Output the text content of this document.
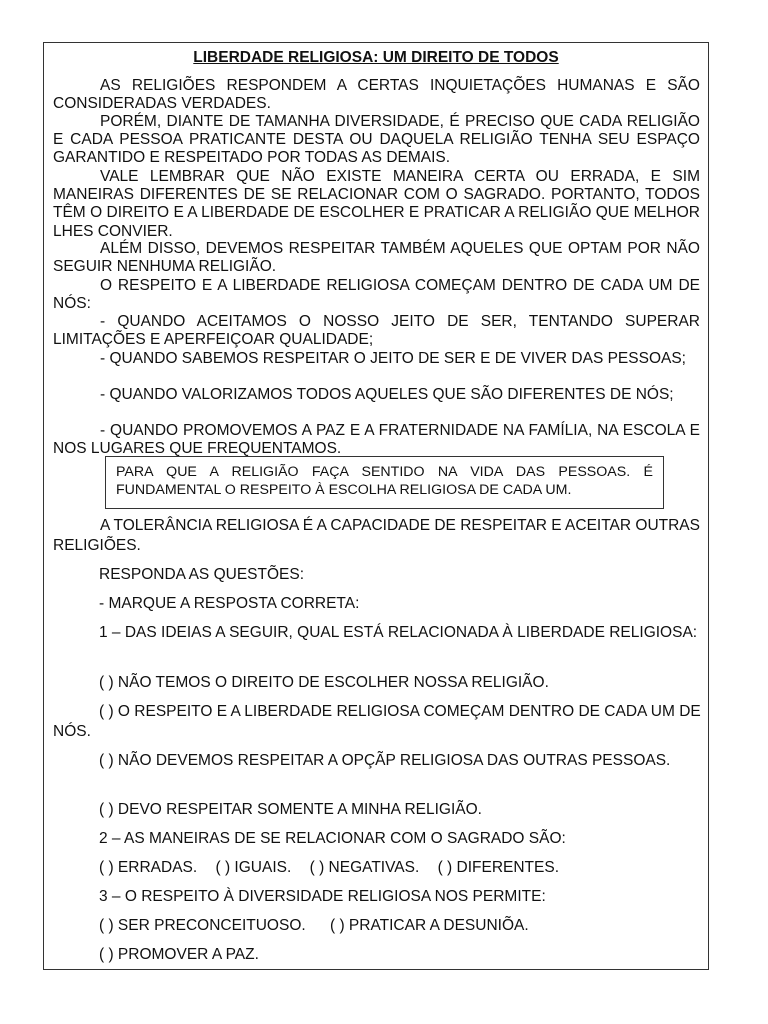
LIBERDADE RELIGIOSA: UM DIREITO DE TODOS
AS RELIGIÕES RESPONDEM A CERTAS INQUIETAÇÕES HUMANAS E SÃO CONSIDERADAS VERDADES.
PORÉM, DIANTE DE TAMANHA DIVERSIDADE, É PRECISO QUE CADA RELIGIÃO E CADA PESSOA PRATICANTE DESTA OU DAQUELA RELIGIÃO TENHA SEU ESPAÇO GARANTIDO E RESPEITADO POR TODAS AS DEMAIS.
VALE LEMBRAR QUE NÃO EXISTE MANEIRA CERTA OU ERRADA, E SIM MANEIRAS DIFERENTES DE SE RELACIONAR COM O SAGRADO. PORTANTO, TODOS TÊM O DIREITO E A LIBERDADE DE ESCOLHER E PRATICAR A RELIGIÃO QUE MELHOR LHES CONVIER.
ALÉM DISSO, DEVEMOS RESPEITAR TAMBÉM AQUELES QUE OPTAM POR NÃO SEGUIR NENHUMA RELIGIÃO.
O RESPEITO E A LIBERDADE RELIGIOSA COMEÇAM DENTRO DE CADA UM DE NÓS:
- QUANDO ACEITAMOS O NOSSO JEITO DE SER, TENTANDO SUPERAR LIMITAÇÕES E APERFEIÇOAR QUALIDADE;
- QUANDO SABEMOS RESPEITAR O JEITO DE SER E DE VIVER DAS PESSOAS;
- QUANDO VALORIZAMOS TODOS AQUELES QUE SÃO DIFERENTES DE NÓS;
- QUANDO PROMOVEMOS A PAZ E A FRATERNIDADE NA FAMÍLIA, NA ESCOLA E NOS LUGARES QUE FREQUENTAMOS.
PARA QUE A RELIGIÃO FAÇA SENTIDO NA VIDA DAS PESSOAS. É FUNDAMENTAL O RESPEITO À ESCOLHA RELIGIOSA DE CADA UM.
A TOLERÂNCIA RELIGIOSA É A CAPACIDADE DE RESPEITAR E ACEITAR OUTRAS RELIGIÕES.
RESPONDA AS QUESTÕES:
- MARQUE A RESPOSTA CORRETA:
1 – DAS IDEIAS A SEGUIR, QUAL ESTÁ RELACIONADA À LIBERDADE RELIGIOSA:
( ) NÃO TEMOS O DIREITO DE ESCOLHER NOSSA RELIGIÃO.
( ) O RESPEITO E A LIBERDADE RELIGIOSA COMEÇAM DENTRO DE CADA UM DE NÓS.
( ) NÃO DEVEMOS RESPEITAR A OPÇÃP RELIGIOSA DAS OUTRAS PESSOAS.
( ) DEVO RESPEITAR SOMENTE A MINHA RELIGIÃO.
2 – AS MANEIRAS DE SE RELACIONAR COM O SAGRADO SÃO:
( ) ERRADAS. ( ) IGUAIS. ( ) NEGATIVAS. ( ) DIFERENTES.
3 – O RESPEITO À DIVERSIDADE RELIGIOSA NOS PERMITE:
( ) SER PRECONCEITUOSO. ( ) PRATICAR A DESUNIÕA.
( ) PROMOVER A PAZ.
